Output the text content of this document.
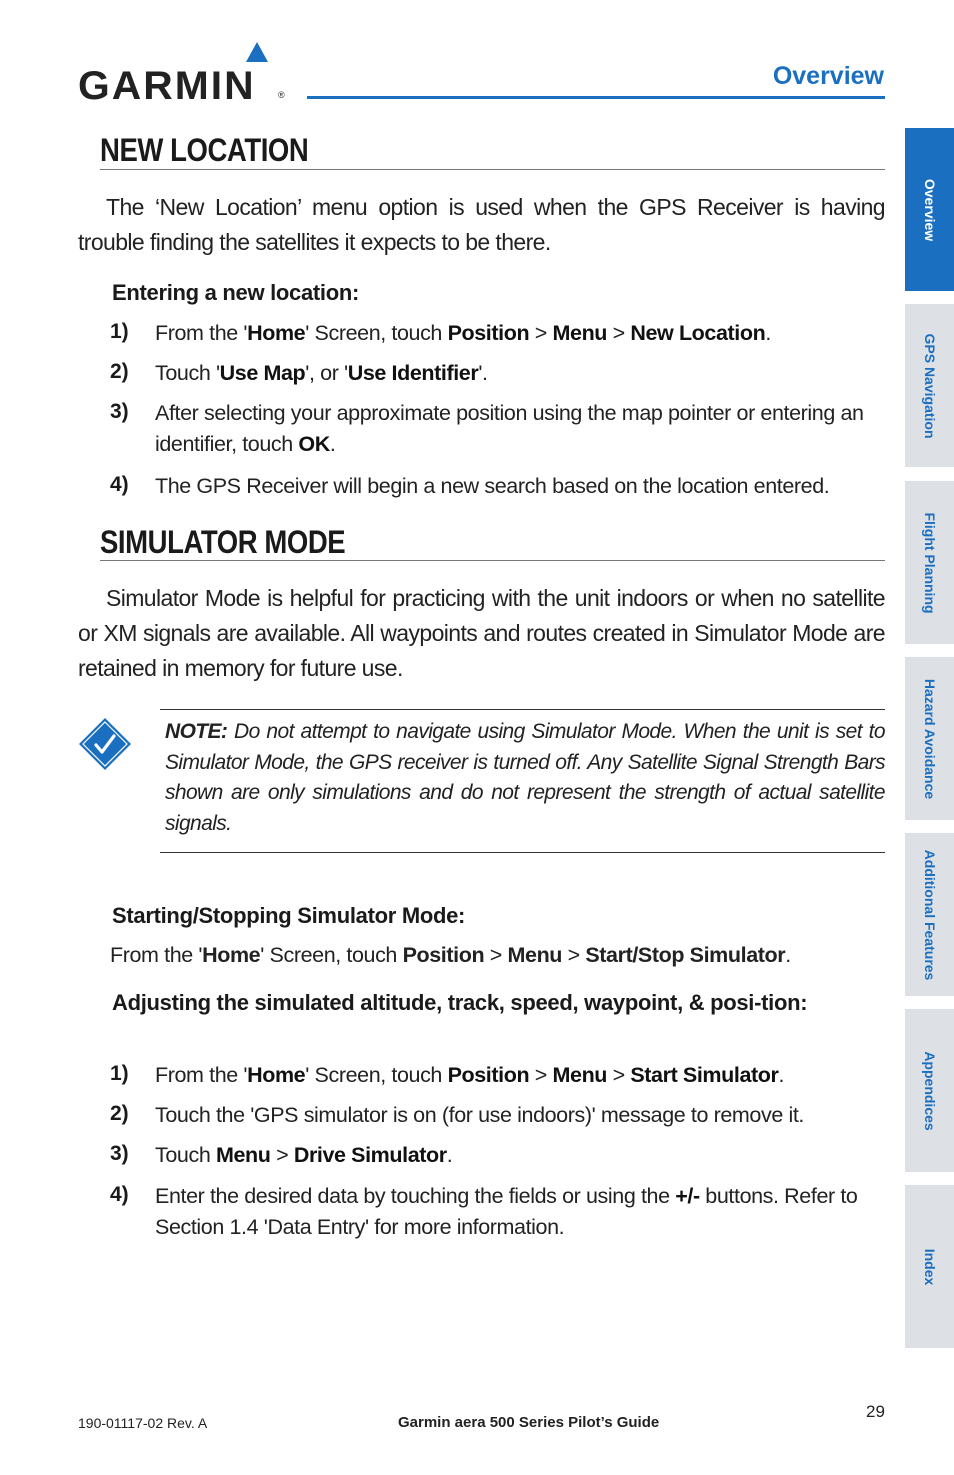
GARMIN ®
Overview
NEW LOCATION
The ‘New Location’ menu option is used when the GPS Receiver is having trouble finding the satellites it expects to be there.
Entering a new location:
1) From the 'Home' Screen, touch Position > Menu > New Location.
2) Touch 'Use Map', or 'Use Identifier'.
3) After selecting your approximate position using the map pointer or entering an identifier, touch OK.
4) The GPS Receiver will begin a new search based on the location entered.
SIMULATOR MODE
Simulator Mode is helpful for practicing with the unit indoors or when no satellite or XM signals are available. All waypoints and routes created in Simulator Mode are retained in memory for future use.
NOTE: Do not attempt to navigate using Simulator Mode. When the unit is set to Simulator Mode, the GPS receiver is turned off. Any Satellite Signal Strength Bars shown are only simulations and do not represent the strength of actual satellite signals.
Starting/Stopping Simulator Mode:
From the 'Home' Screen, touch Position > Menu > Start/Stop Simulator.
Adjusting the simulated altitude, track, speed, waypoint, & posi-tion:
1) From the 'Home' Screen, touch Position > Menu > Start Simulator.
2) Touch the 'GPS simulator is on (for use indoors)' message to remove it.
3) Touch Menu > Drive Simulator.
4) Enter the desired data by touching the fields or using the +/- buttons. Refer to Section 1.4 'Data Entry' for more information.
Overview
GPS Navigation
Flight Planning
Hazard Avoidance
Additional Features
Appendices
Index
190-01117-02 Rev. A	Garmin aera 500 Series Pilot’s Guide
29
